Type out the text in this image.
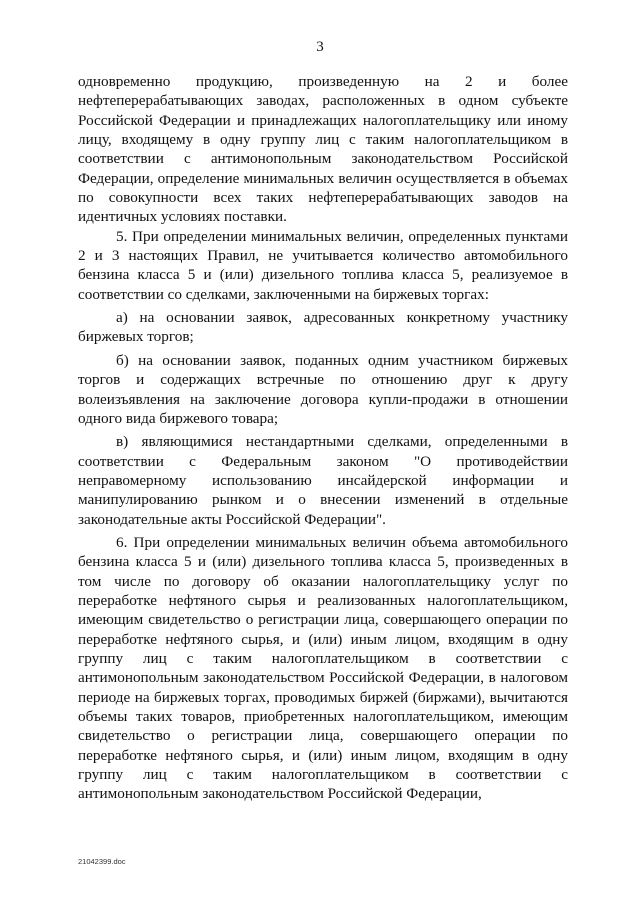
3

одновременно продукцию, произведенную на 2 и более нефтеперерабатывающих заводах, расположенных в одном субъекте Российской Федерации и принадлежащих налогоплательщику или иному лицу, входящему в одну группу лиц с таким налогоплательщиком в соответствии с антимонопольным законодательством Российской Федерации, определение минимальных величин осуществляется в объемах по совокупности всех таких нефтеперерабатывающих заводов на идентичных условиях поставки.

5. При определении минимальных величин, определенных пунктами 2 и 3 настоящих Правил, не учитывается количество автомобильного бензина класса 5 и (или) дизельного топлива класса 5, реализуемое в соответствии со сделками, заключенными на биржевых торгах:

а) на основании заявок, адресованных конкретному участнику биржевых торгов;

б) на основании заявок, поданных одним участником биржевых торгов и содержащих встречные по отношению друг к другу волеизъявления на заключение договора купли-продажи в отношении одного вида биржевого товара;

в) являющимися нестандартными сделками, определенными в соответствии с Федеральным законом "О противодействии неправомерному использованию инсайдерской информации и манипулированию рынком и о внесении изменений в отдельные законодательные акты Российской Федерации".

6. При определении минимальных величин объема автомобильного бензина класса 5 и (или) дизельного топлива класса 5, произведенных в том числе по договору об оказании налогоплательщику услуг по переработке нефтяного сырья и реализованных налогоплательщиком, имеющим свидетельство о регистрации лица, совершающего операции по переработке нефтяного сырья, и (или) иным лицом, входящим в одну группу лиц с таким налогоплательщиком в соответствии с антимонопольным законодательством Российской Федерации, в налоговом периоде на биржевых торгах, проводимых биржей (биржами), вычитаются объемы таких товаров, приобретенных налогоплательщиком, имеющим свидетельство о регистрации лица, совершающего операции по переработке нефтяного сырья, и (или) иным лицом, входящим в одну группу лиц с таким налогоплательщиком в соответствии с антимонопольным законодательством Российской Федерации,

21042399.doc
